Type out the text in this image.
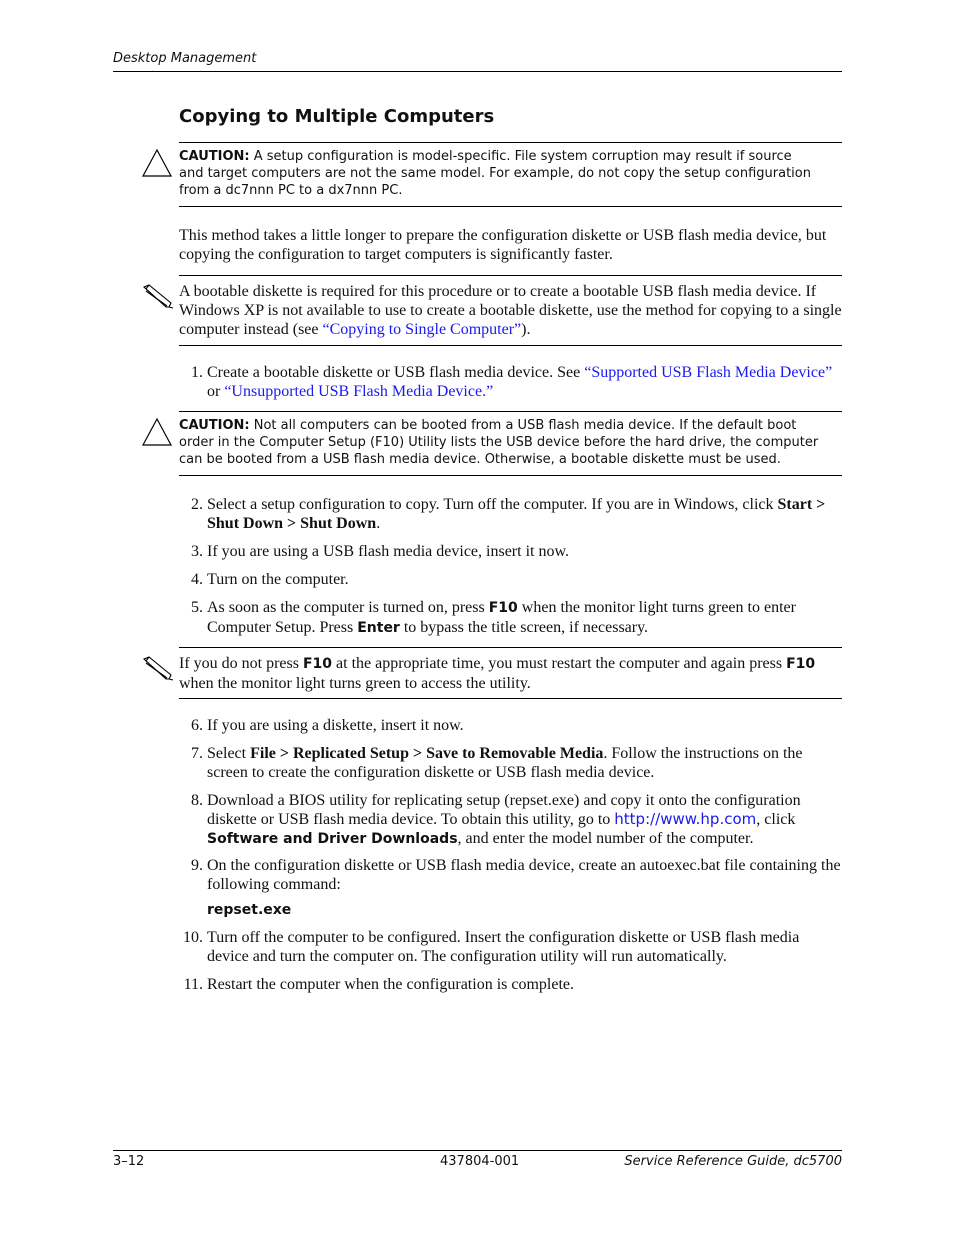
Desktop Management
Copying to Multiple Computers
CAUTION: A setup configuration is model-specific. File system corruption may result if source and target computers are not the same model. For example, do not copy the setup configuration from a dc7nnn PC to a dx7nnn PC.
This method takes a little longer to prepare the configuration diskette or USB flash media device, but copying the configuration to target computers is significantly faster.
A bootable diskette is required for this procedure or to create a bootable USB flash media device. If Windows XP is not available to use to create a bootable diskette, use the method for copying to a single computer instead (see “Copying to Single Computer”).
1. Create a bootable diskette or USB flash media device. See “Supported USB Flash Media Device” or “Unsupported USB Flash Media Device.”
CAUTION: Not all computers can be booted from a USB flash media device. If the default boot order in the Computer Setup (F10) Utility lists the USB device before the hard drive, the computer can be booted from a USB flash media device. Otherwise, a bootable diskette must be used.
2. Select a setup configuration to copy. Turn off the computer. If you are in Windows, click Start > Shut Down > Shut Down.
3. If you are using a USB flash media device, insert it now.
4. Turn on the computer.
5. As soon as the computer is turned on, press F10 when the monitor light turns green to enter Computer Setup. Press Enter to bypass the title screen, if necessary.
If you do not press F10 at the appropriate time, you must restart the computer and again press F10 when the monitor light turns green to access the utility.
6. If you are using a diskette, insert it now.
7. Select File > Replicated Setup > Save to Removable Media. Follow the instructions on the screen to create the configuration diskette or USB flash media device.
8. Download a BIOS utility for replicating setup (repset.exe) and copy it onto the configuration diskette or USB flash media device. To obtain this utility, go to http://www.hp.com, click Software and Driver Downloads, and enter the model number of the computer.
9. On the configuration diskette or USB flash media device, create an autoexec.bat file containing the following command:
repset.exe
10. Turn off the computer to be configured. Insert the configuration diskette or USB flash media device and turn the computer on. The configuration utility will run automatically.
11. Restart the computer when the configuration is complete.
3–12	437804-001	Service Reference Guide, dc5700
